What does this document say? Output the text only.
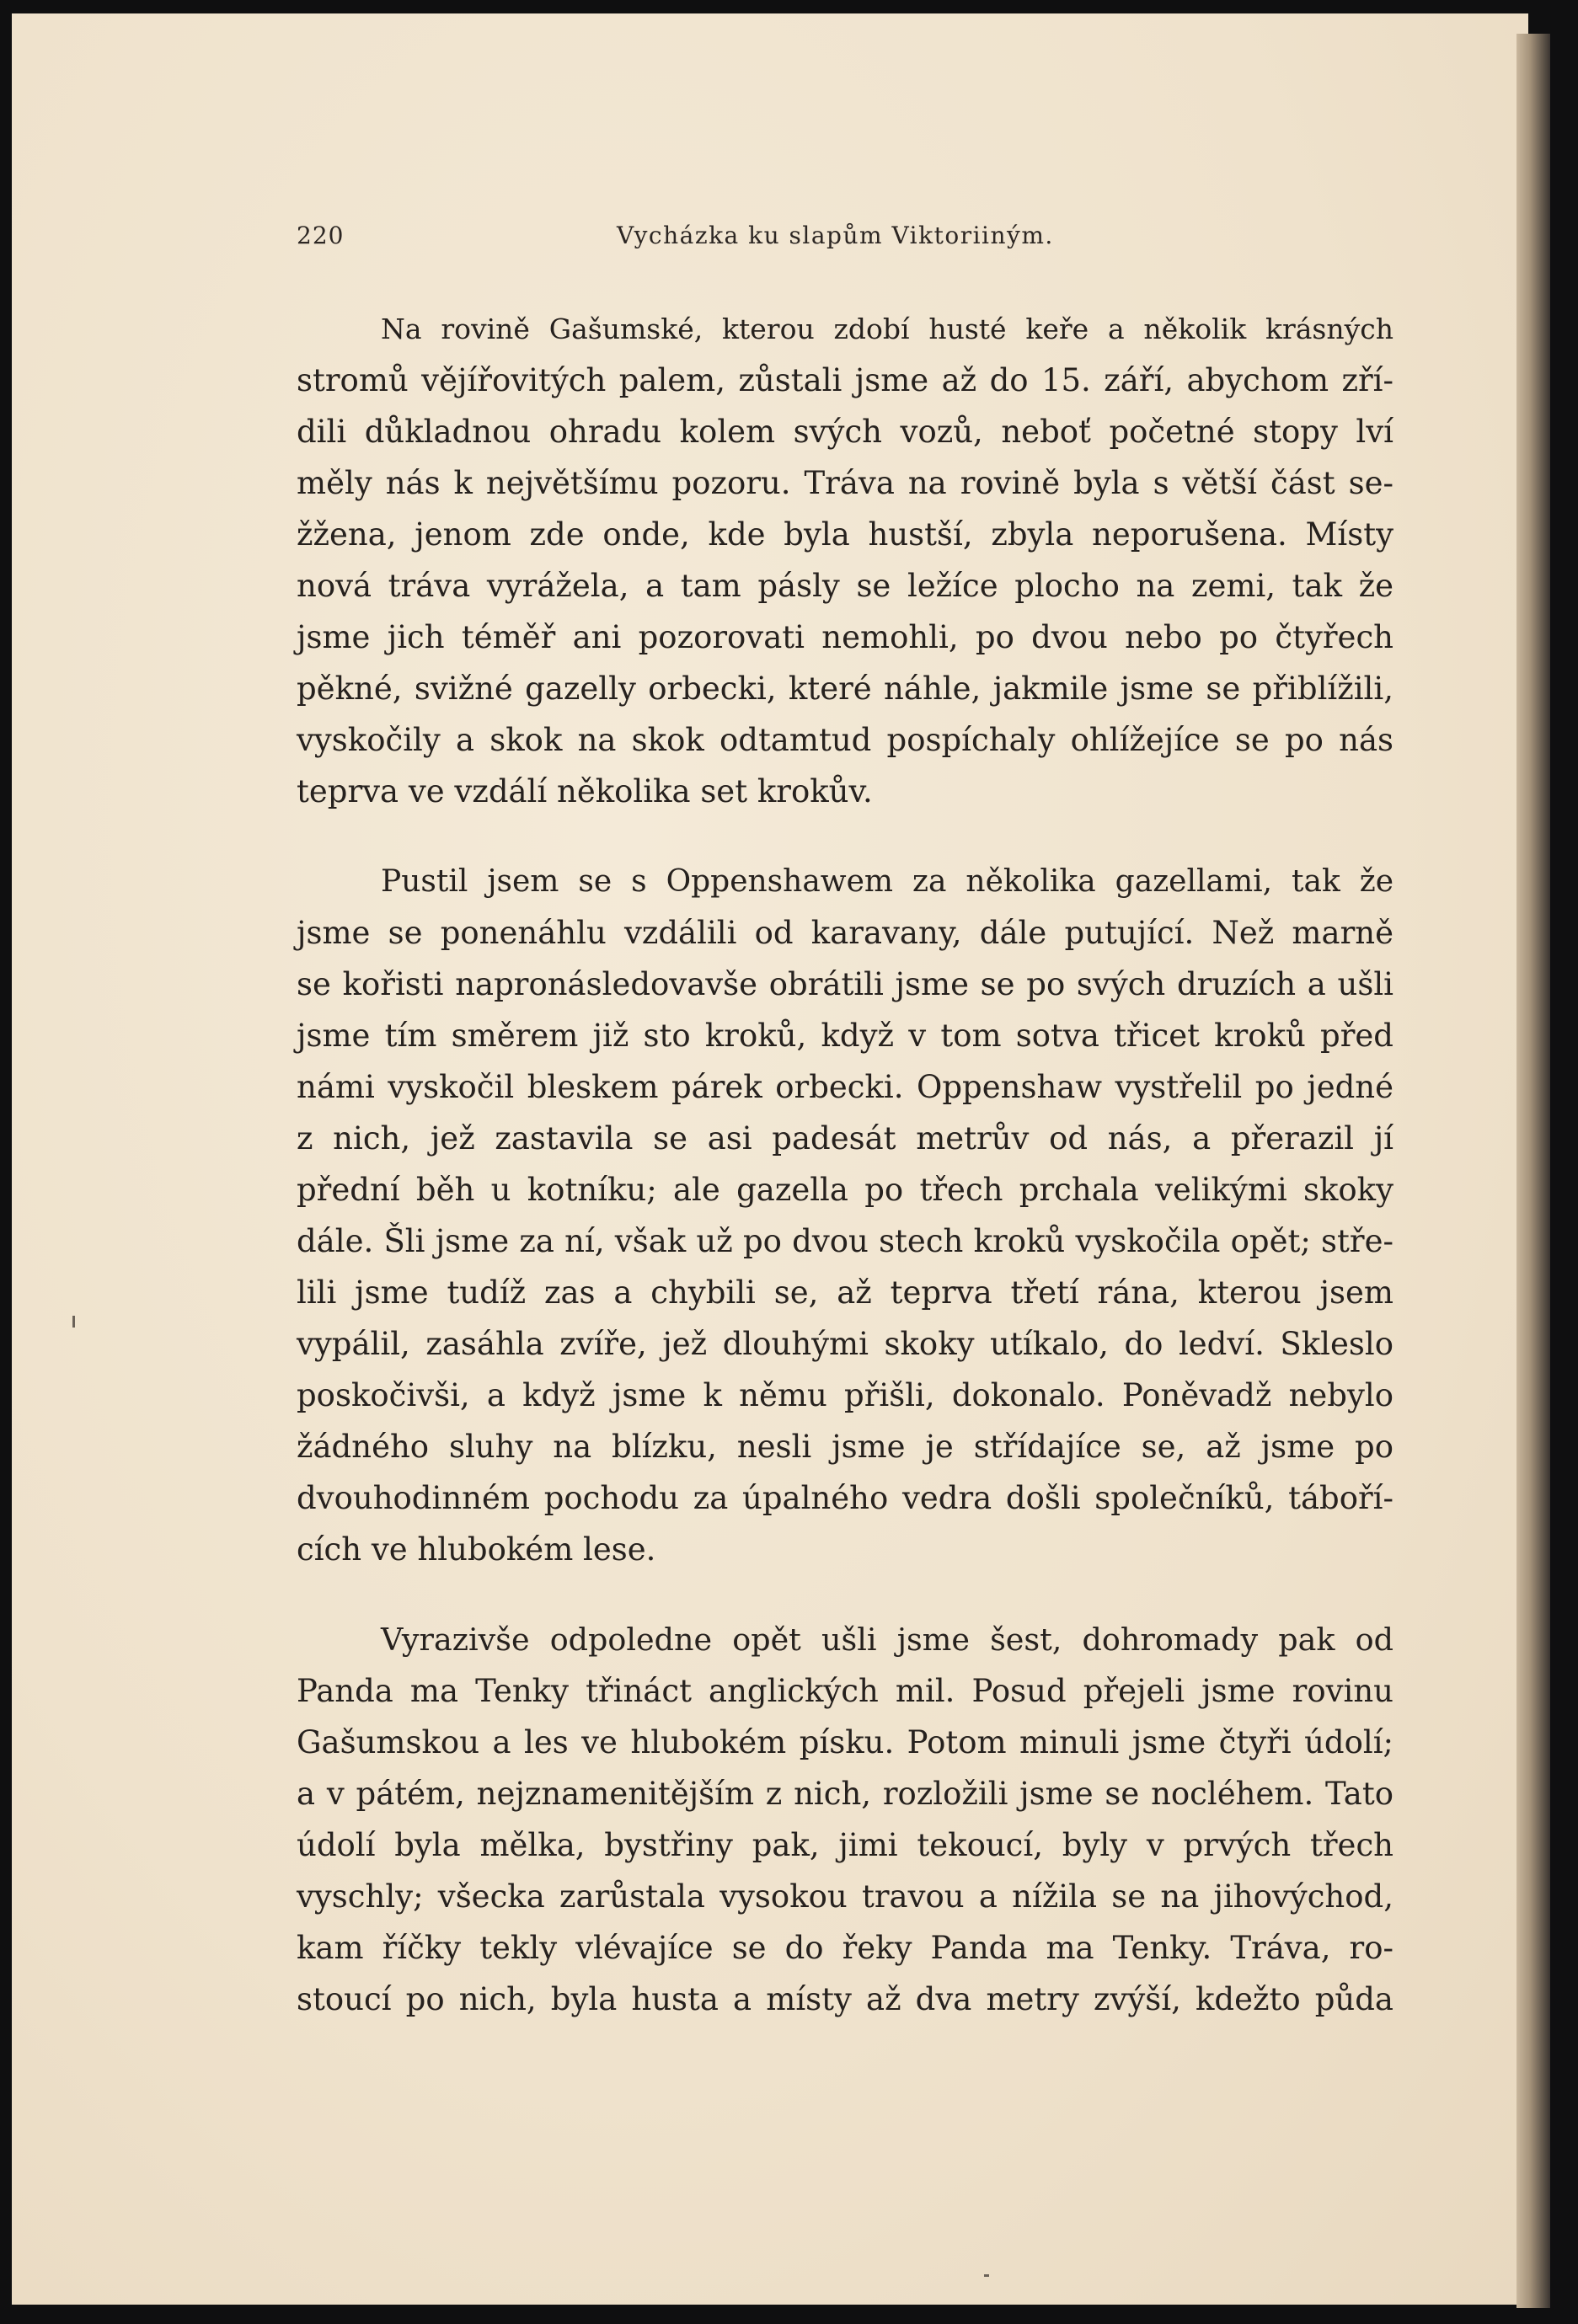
220	Vycházka ku slapům Viktoriiným.
Na rovině Gašumské, kterou zdobí husté keře a několik krásných
stromů vějířovitých palem, zůstali jsme až do 15. září, abychom zří-
dili důkladnou ohradu kolem svých vozů, neboť početné stopy lví
měly nás k největšímu pozoru. Tráva na rovině byla s větší část se-
žžena, jenom zde onde, kde byla hustší, zbyla neporušena. Místy
nová tráva vyrážela, a tam pásly se ležíce plocho na zemi, tak že
jsme jich téměř ani pozorovati nemohli, po dvou nebo po čtyřech
pěkné, svižné gazelly orbecki, které náhle, jakmile jsme se přiblížili,
vyskočily a skok na skok odtamtud pospíchaly ohlížejíce se po nás
teprva ve vzdálí několika set krokův.
Pustil jsem se s Oppenshawem za několika gazellami, tak že
jsme se ponenáhlu vzdálili od karavany, dále putující. Než marně
se kořisti napronásledovavše obrátili jsme se po svých druzích a ušli
jsme tím směrem již sto kroků, když v tom sotva třicet kroků před
námi vyskočil bleskem párek orbecki. Oppenshaw vystřelil po jedné
z nich, jež zastavila se asi padesát metrův od nás, a přerazil jí
přední běh u kotníku; ale gazella po třech prchala velikými skoky
dále. Šli jsme za ní, však už po dvou stech kroků vyskočila opět; stře-
lili jsme tudíž zas a chybili se, až teprva třetí rána, kterou jsem
vypálil, zasáhla zvíře, jež dlouhými skoky utíkalo, do ledví. Skleslo
poskočivši, a když jsme k němu přišli, dokonalo. Poněvadž nebylo
žádného sluhy na blízku, nesli jsme je střídajíce se, až jsme po
dvouhodinném pochodu za úpalného vedra došli společníků, táboří-
cích ve hlubokém lese.
Vyrazivše odpoledne opět ušli jsme šest, dohromady pak od
Panda ma Tenky třináct anglických mil. Posud přejeli jsme rovinu
Gašumskou a les ve hlubokém písku. Potom minuli jsme čtyři údolí;
a v pátém, nejznamenitějším z nich, rozložili jsme se nocléhem. Tato
údolí byla mělka, bystřiny pak, jimi tekoucí, byly v prvých třech
vyschly; všecka zarůstala vysokou travou a nížila se na jihovýchod,
kam říčky tekly vlévajíce se do řeky Panda ma Tenky. Tráva, ro-
stoucí po nich, byla husta a místy až dva metry zvýší, kdežto půda
